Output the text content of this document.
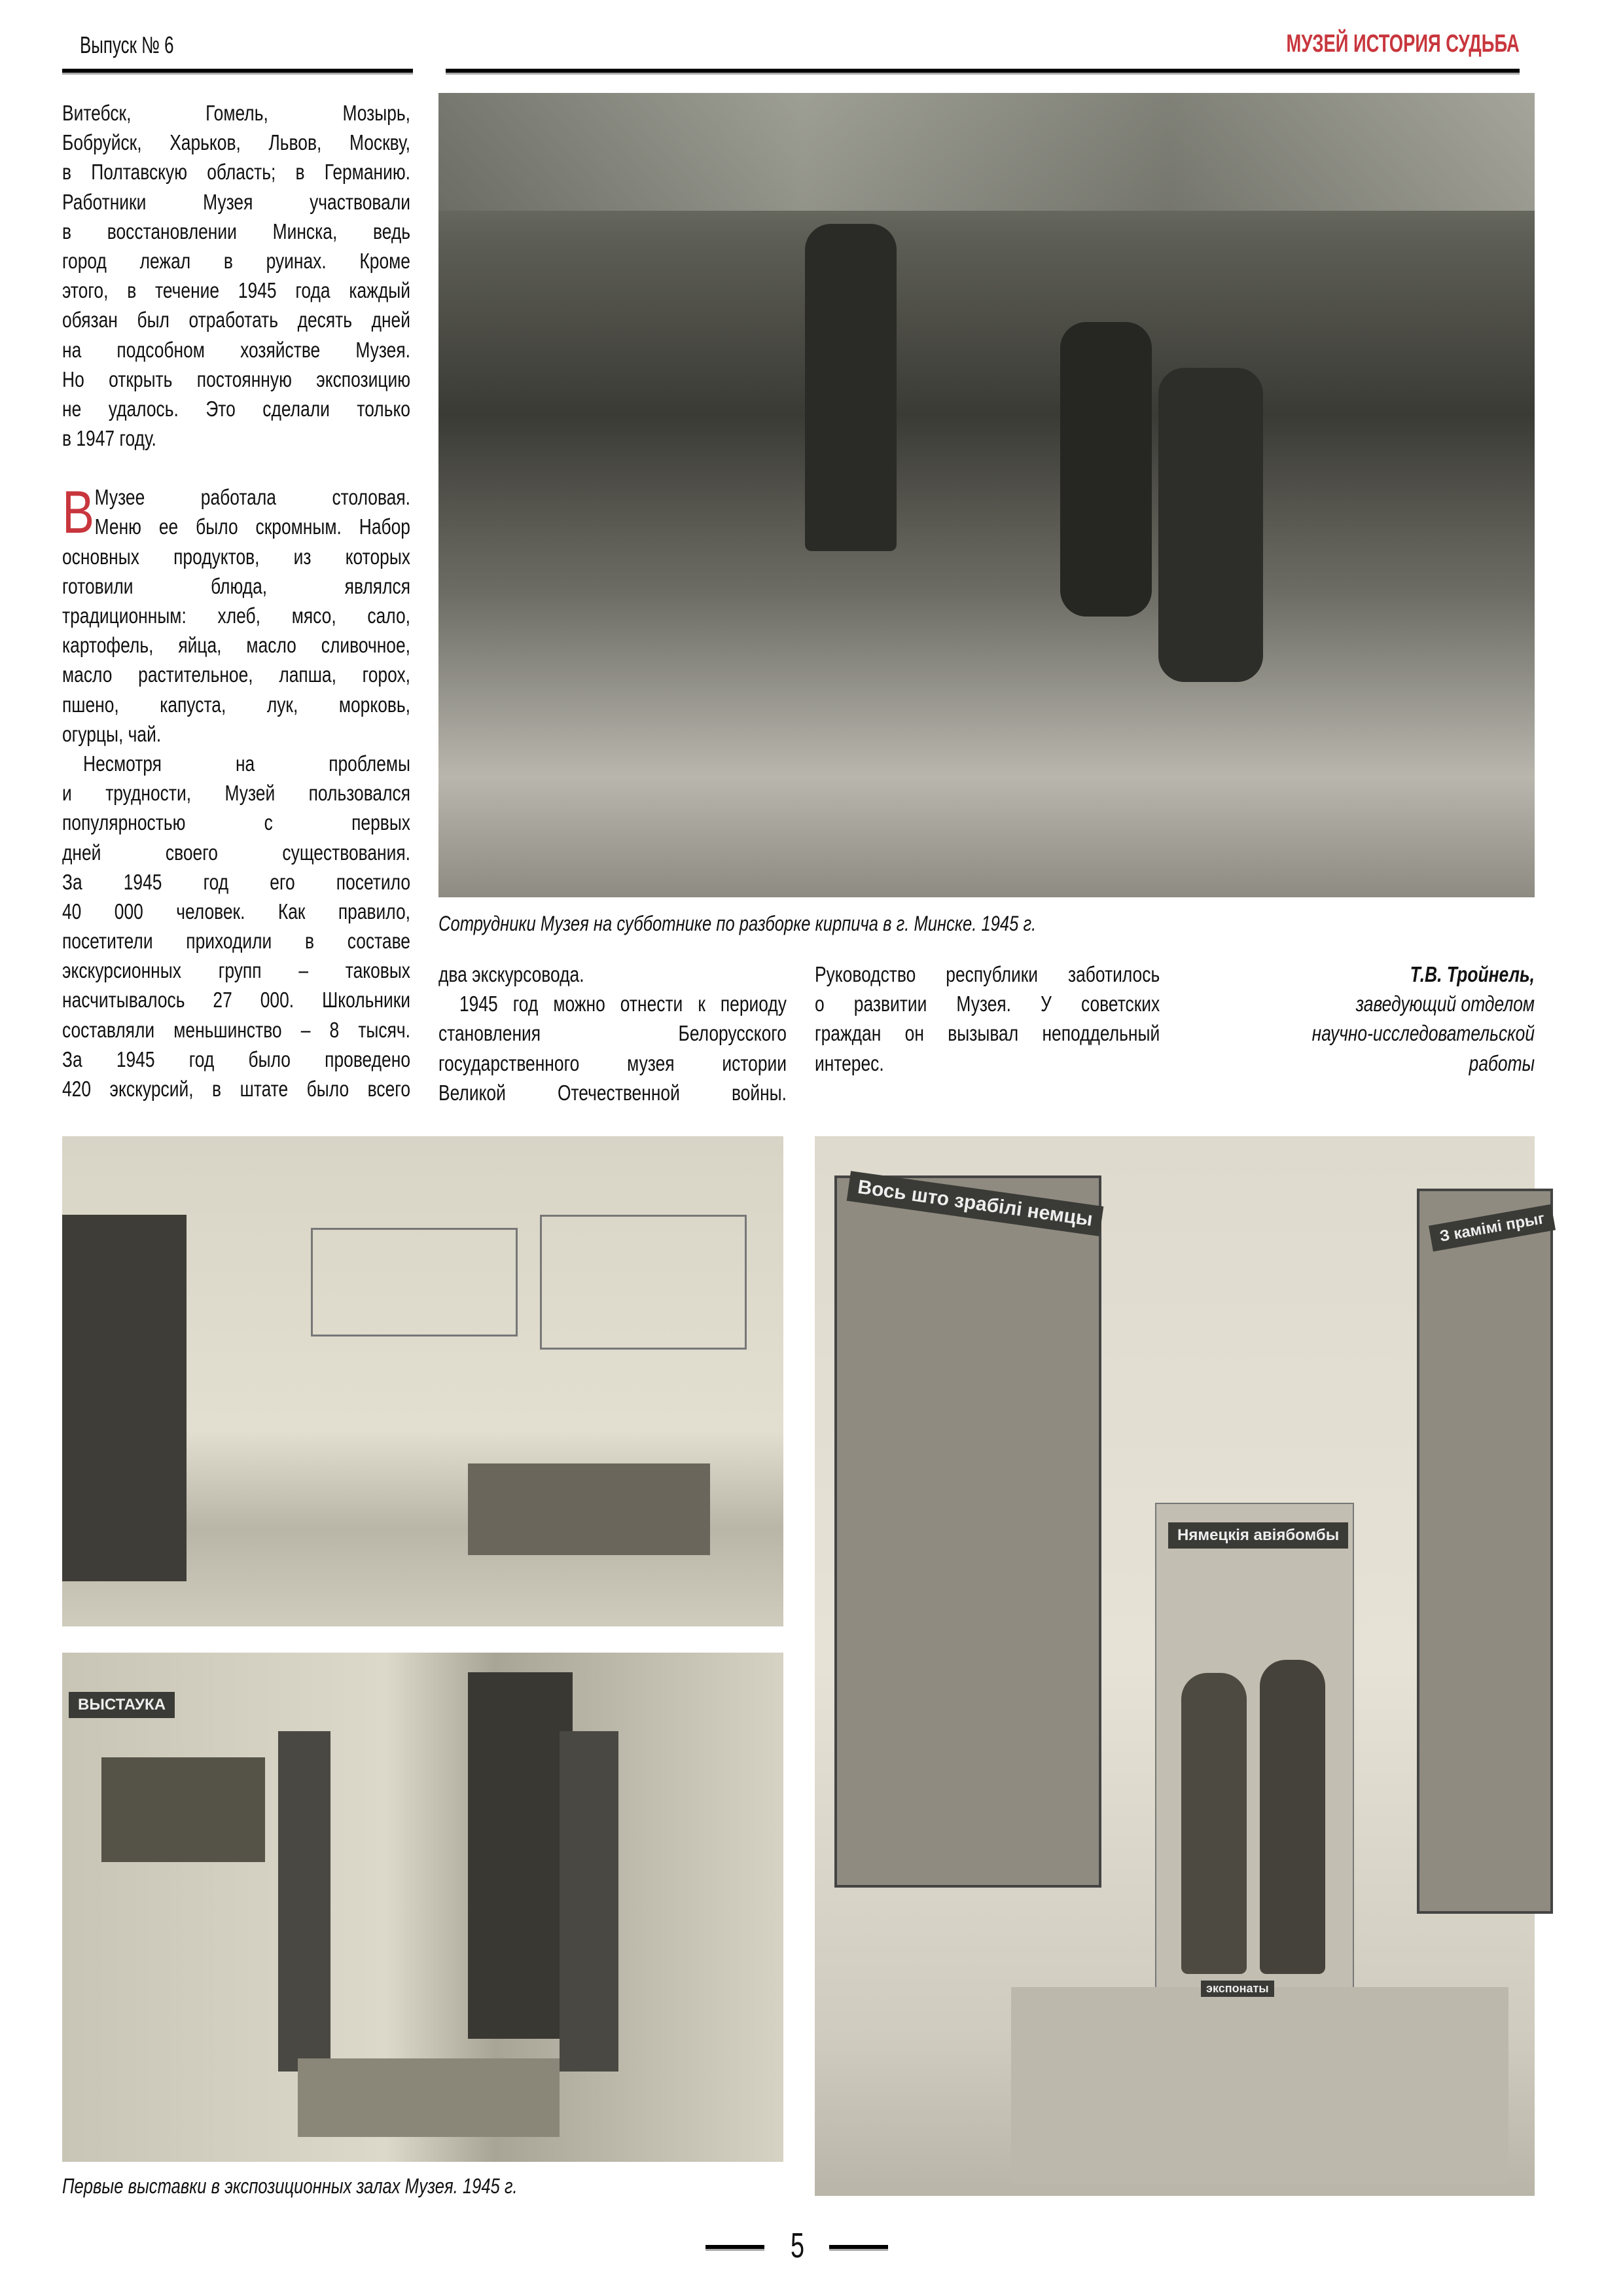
Выпуск № 6	МУЗЕЙ ИСТОРИЯ СУДЬБА
Витебск, Гомель, Мозырь,
Бобруйск, Харьков, Львов, Москву,
в Полтавскую область; в Германию.
Работники Музея участвовали
в восстановлении Минска, ведь
город лежал в руинах. Кроме
этого, в течение 1945 года каждый
обязан был отработать десять дней
на подсобном хозяйстве Музея.
Но открыть постоянную экспозицию
не удалось. Это сделали только
в 1947 году.
В Музее работала столовая.
Меню ее было скромным. Набор
основных продуктов, из которых
готовили блюда, являлся
традиционным: хлеб, мясо, сало,
картофель, яйца, масло сливочное,
масло растительное, лапша, горох,
пшено, капуста, лук, морковь,
огурцы, чай.
Несмотря на проблемы
и трудности, Музей пользовался
популярностью с первых
дней своего существования.
За 1945 год его посетило
40 000 человек. Как правило,
посетители приходили в составе
экскурсионных групп – таковых
насчитывалось 27 000. Школьники
составляли меньшинство – 8 тысяч.
За 1945 год было проведено
420 экскурсий, в штате было всего
Сотрудники Музея на субботнике по разборке кирпича в г. Минске. 1945 г.
два экскурсовода.
1945 год можно отнести к периоду
становления Белорусского
государственного музея истории
Великой Отечественной войны.
Руководство республики заботилось
о развитии Музея. У советских
граждан он вызывал неподдельный
интерес.
Т.В. Тройнель,
заведующий отделом
научно-исследовательской
работы
ВЫСТАУКА
Первые выставки в экспозиционных залах Музея. 1945 г.
Вось што зрабілі немцы
Нямецкія авіябомбы
З камімі прыг
экспонаты
5
